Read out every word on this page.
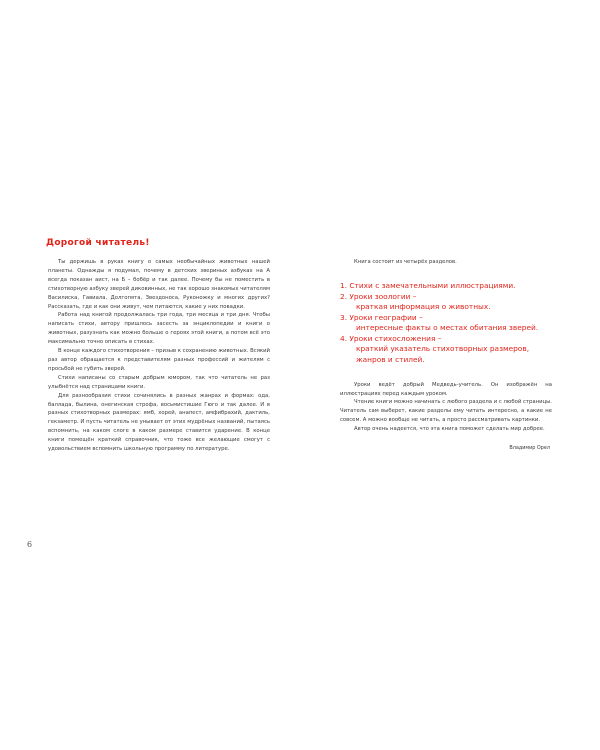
Дорогой читатель!

Ты держишь в руках книгу о самых необычайных животных нашей планеты. Однажды я подумал, почему в детских звериных азбуках на А всегда показан аист, на Б – бобёр и так далее. Почему бы не поместить в стихотворную азбуку зверей диковинных, не так хорошо знакомых читателям Василиска, Гавиала, Долгопята, Звездоноса, Руконожку и многих других? Рассказать, где и как они живут, чем питаются, какие у них повадки.

Работа над книгой продолжалась три года, три месяца и три дня. Чтобы написать стихи, автору пришлось засесть за энциклопедии и книги о животных, разузнать как можно больше о героях этой книги, а потом всё это максимально точно описать в стихах.

В конце каждого стихотворения – призыв к сохранению животных. Всякий раз автор обращается к представителям разных профессий и жителям с просьбой не губить зверей.

Стихи написаны со старым добрым юмором, так что читатель не раз улыбнётся над страницами книги.

Для разнообразия стихи сочинялись в разных жанрах и формах: ода, баллада, былина, онегинская строфа, восьмистишие Гюго и так далее. И в разных стихотворных размерах: ямб, хорей, анапест, амфибрахий, дактиль, гекзаметр. И пусть читатель не унывает от этих мудрёных названий, пытаясь вспомнить, на каком слоге в каком размере ставится ударение. В конце книги помещён краткий справочник, что тоже все желающие смогут с удовольствием вспомнить школьную программу по литературе.

6

Книга состоит из четырёх разделов.

1. Стихи с замечательными иллюстрациями.
2. Уроки зоологии –
краткая информация о животных.
3. Уроки географии –
интересные факты о местах обитания зверей.
4. Уроки стихосложения –
краткий указатель стихотворных размеров, жанров и стилей.

Уроки ведёт добрый Медведь-учитель. Он изображён на иллюстрациях перед каждым уроком.

Чтение книги можно начинать с любого раздела и с любой страницы. Читатель сам выберет, какие разделы ему читать интересно, а какие не совсем. А можно вообще не читать, а просто рассматривать картинки.

Автор очень надеется, что эта книга поможет сделать мир добрее.

Владимир Орел
